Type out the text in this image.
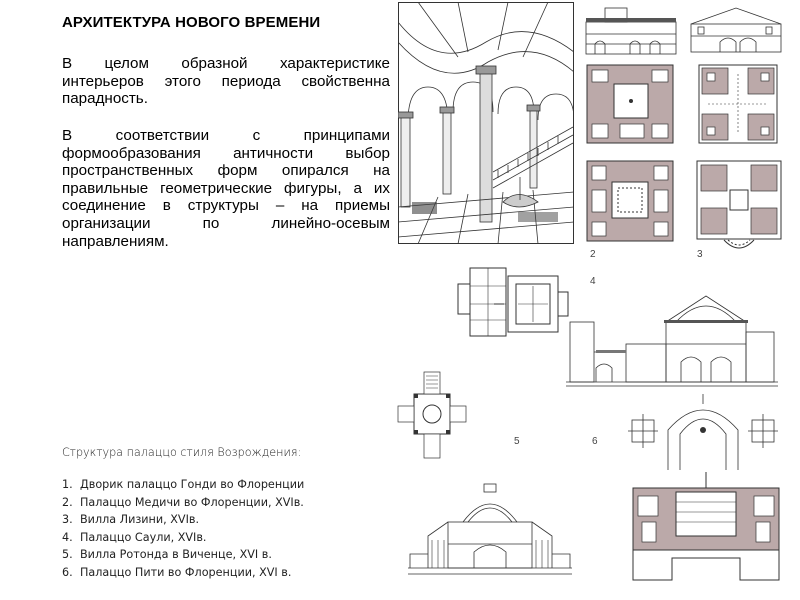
АРХИТЕКТУРА НОВОГО ВРЕМЕНИ

В целом образной характеристике интерьеров этого периода свойственна парадность.

В соответствии с принципами формообразования античности выбор пространственных форм опирался на правильные геометрические фигуры, а их соединение в структуры – на приемы организации по линейно-осевым направлениям.

Структура палаццо стиля Возрождения:
1. Дворик палаццо Гонди во Флоренции
2. Палаццо Медичи во Флоренции, XVIв.
3. Вилла Лизини, XVIв.
4. Палаццо Саули, XVIв.
5. Вилла Ротонда в Виченце, XVI в.
6. Палаццо Пити во Флоренции, XVI в.
2	3
4
5	6
